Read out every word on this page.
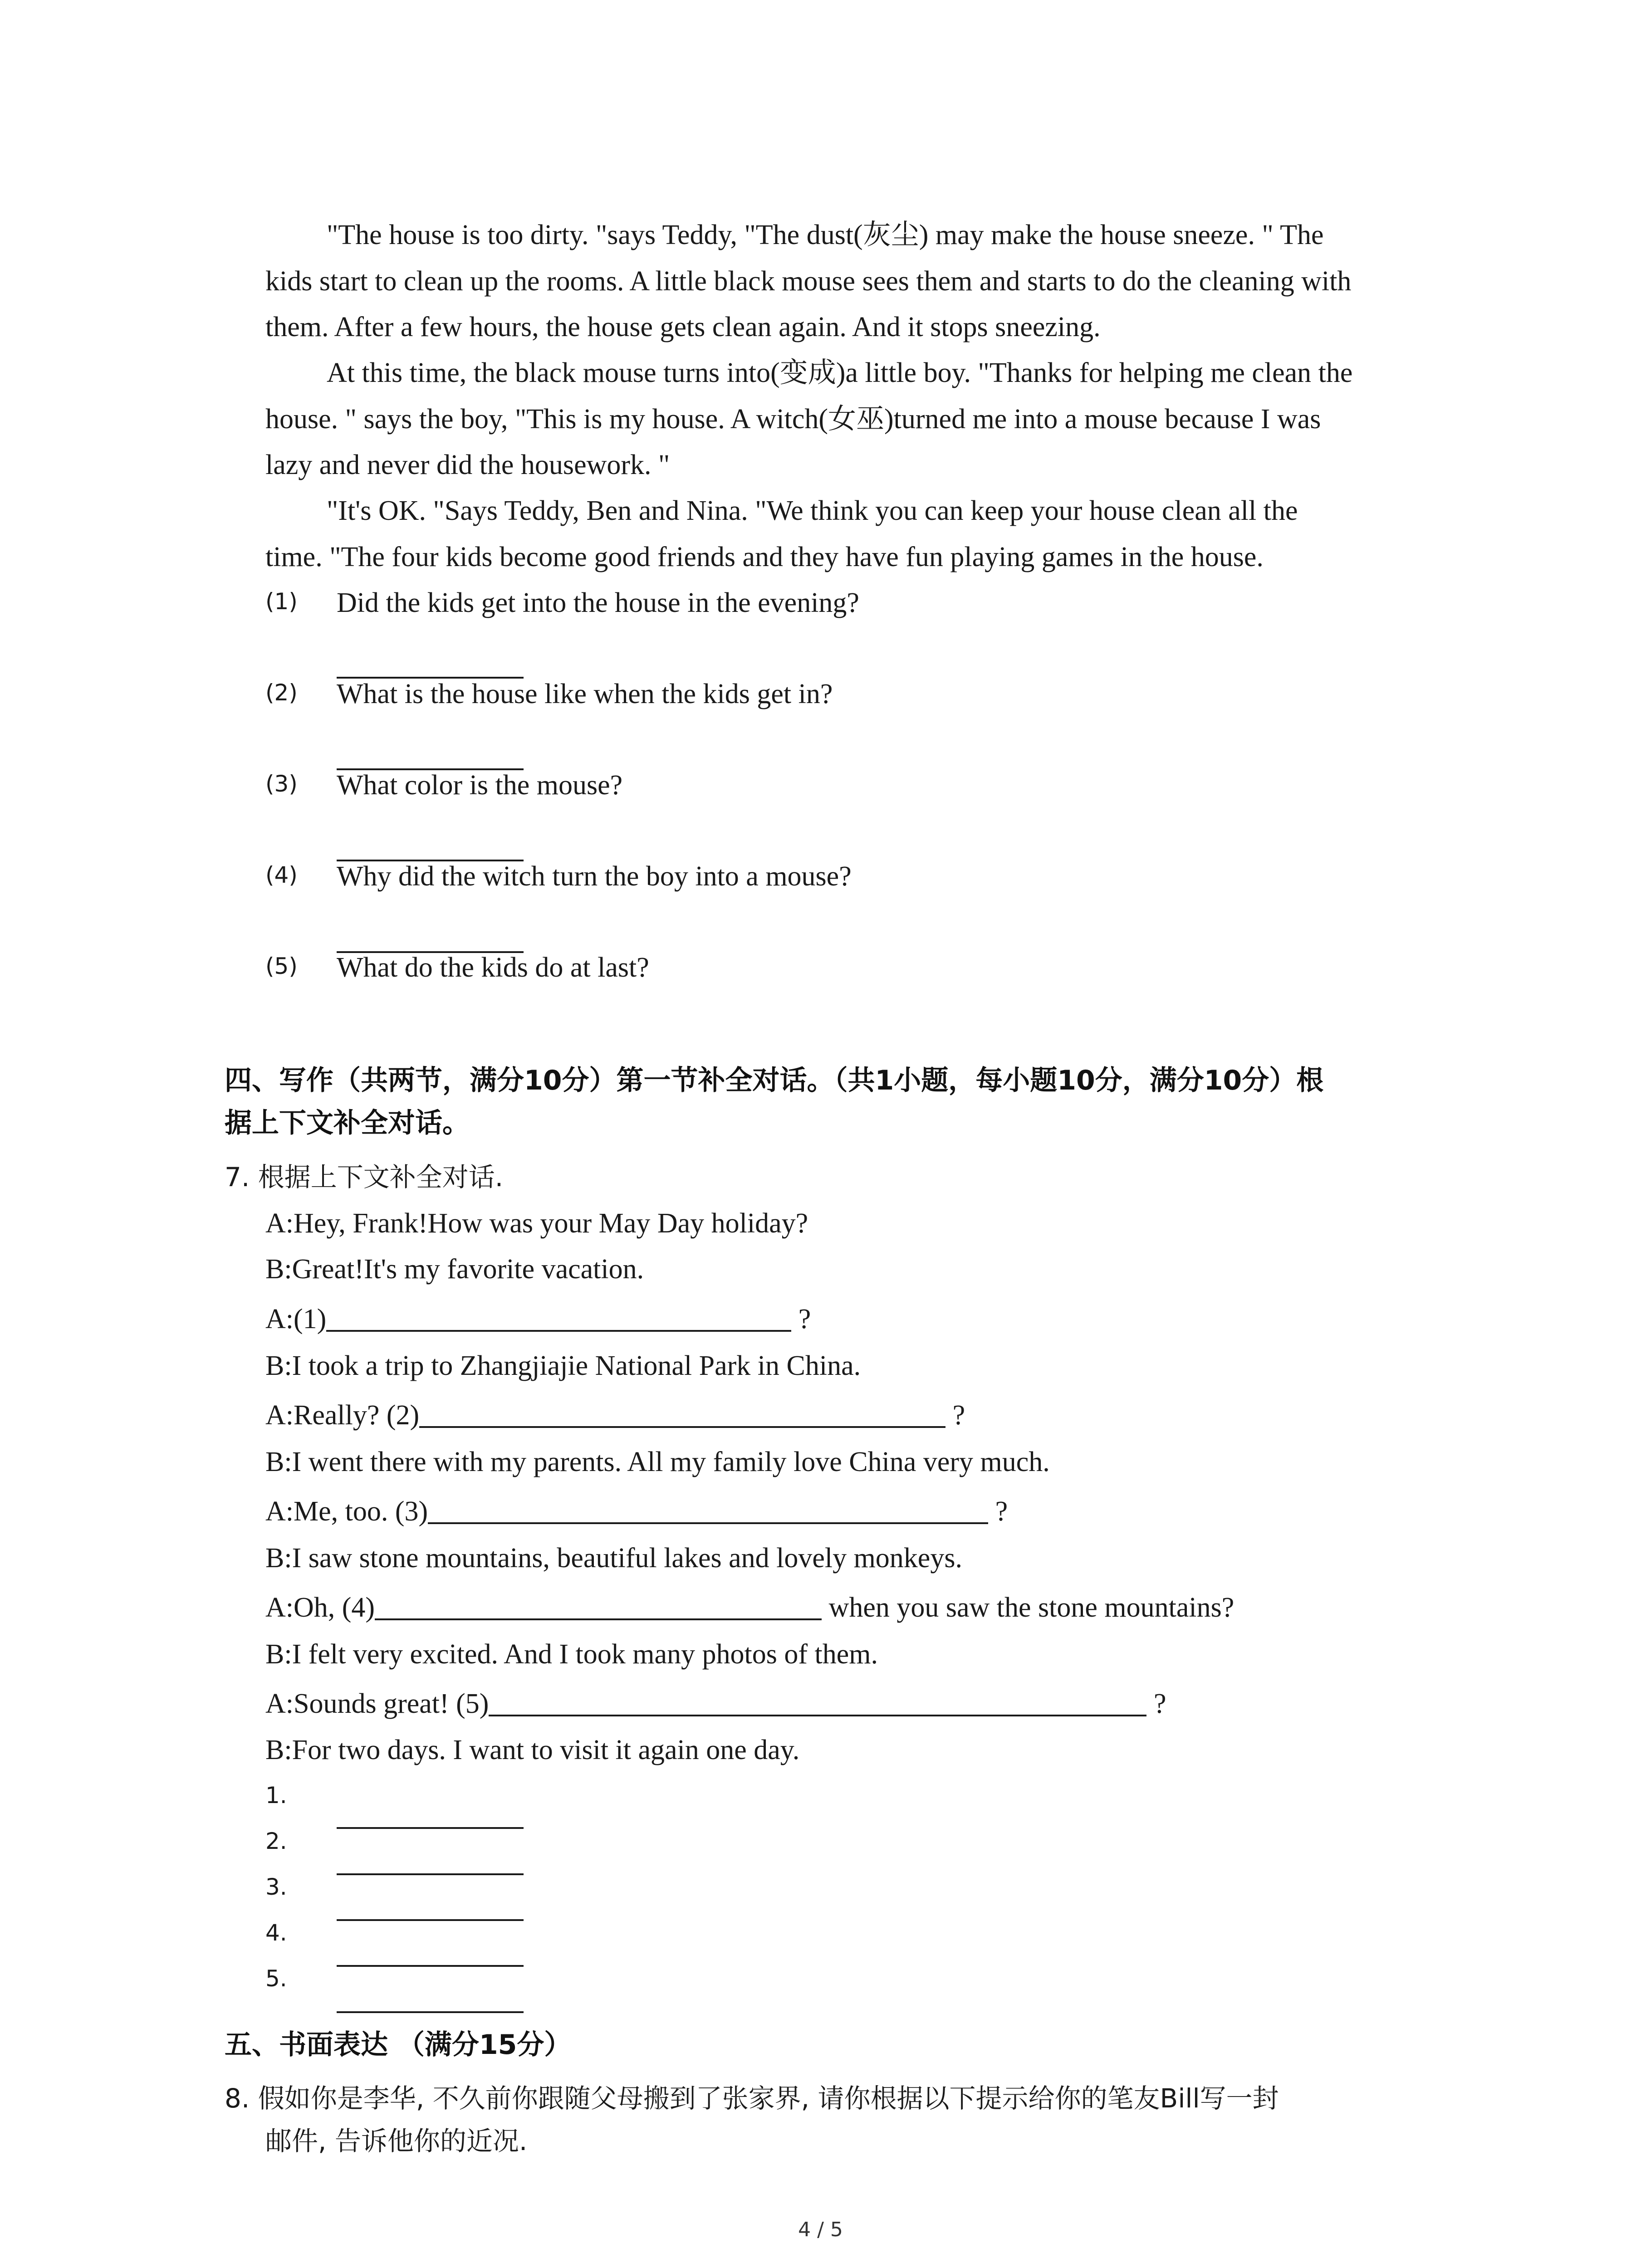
"The house is too dirty. "says Teddy, "The dust(灰尘) may make the house sneeze. " The
kids start to clean up the rooms. A little black mouse sees them and starts to do the cleaning with
them. After a few hours, the house gets clean again. And it stops sneezing.
At this time, the black mouse turns into(变成)a little boy. "Thanks for helping me clean the
house. " says the boy, "This is my house. A witch(女巫)turned me into a mouse because I was
lazy and never did the housework. "
"It's OK. "Says Teddy, Ben and Nina. "We think you can keep your house clean all the
time. "The four kids become good friends and they have fun playing games in the house.
(1) Did the kids get into the house in the evening?
(2) What is the house like when the kids get in?
(3) What color is the mouse?
(4) Why did the witch turn the boy into a mouse?
(5) What do the kids do at last?
四、写作（共两节，满分10分）第一节补全对话。（共1小题，每小题10分，满分10分）根
据上下文补全对话。
7. 根据上下文补全对话.
A:Hey, Frank!How was your May Day holiday?
B:Great!It's my favorite vacation.
A:(1)	?
B:I took a trip to Zhangjiajie National Park in China.
A:Really? (2)	?
B:I went there with my parents. All my family love China very much.
A:Me, too. (3)	?
B:I saw stone mountains, beautiful lakes and lovely monkeys.
A:Oh, (4)	when you saw the stone mountains?
B:I felt very excited. And I took many photos of them.
A:Sounds great! (5)	?
B:For two days. I want to visit it again one day.
1.
2.
3.
4.
5.
五、书面表达 （满分15分）
8. 假如你是李华, 不久前你跟随父母搬到了张家界, 请你根据以下提示给你的笔友Bill写一封
邮件, 告诉他你的近况.
4 / 5
